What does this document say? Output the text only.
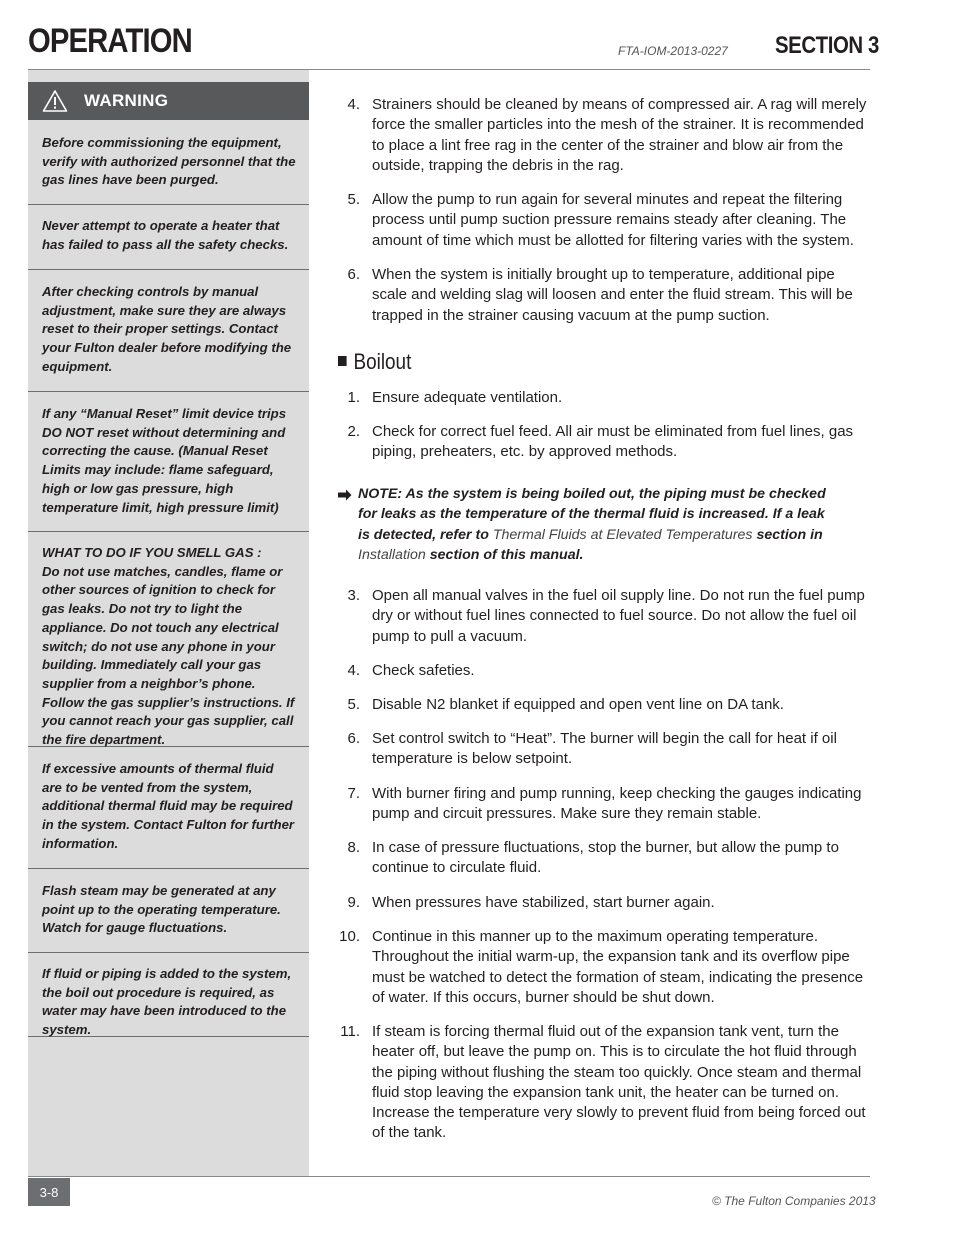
OPERATION	FTA-IOM-2013-0227 SECTION 3
WARNING

Before commissioning the equipment, verify with authorized personnel that the gas lines have been purged.

Never attempt to operate a heater that has failed to pass all the safety checks.

After checking controls by manual adjustment, make sure they are always reset to their proper settings. Contact your Fulton dealer before modifying the equipment.

If any “Manual Reset” limit device trips DO NOT reset without determining and correcting the cause. (Manual Reset Limits may include: flame safeguard, high or low gas pressure, high temperature limit, high pressure limit)

WHAT TO DO IF YOU SMELL GAS :
Do not use matches, candles, flame or other sources of ignition to check for gas leaks. Do not try to light the appliance. Do not touch any electrical switch; do not use any phone in your building. Immediately call your gas supplier from a neighbor’s phone. Follow the gas supplier’s instructions. If you cannot reach your gas supplier, call the fire department.

If excessive amounts of thermal fluid are to be vented from the system, additional thermal fluid may be required in the system. Contact Fulton for further information.

Flash steam may be generated at any point up to the operating temperature. Watch for gauge fluctuations.

If fluid or piping is added to the system, the boil out procedure is required, as water may have been introduced to the system.

4. Strainers should be cleaned by means of compressed air. A rag will merely force the smaller particles into the mesh of the strainer. It is recommended to place a lint free rag in the center of the strainer and blow air from the outside, trapping the debris in the rag.
5. Allow the pump to run again for several minutes and repeat the filtering process until pump suction pressure remains steady after cleaning. The amount of time which must be allotted for filtering varies with the system.
6. When the system is initially brought up to temperature, additional pipe scale and welding slag will loosen and enter the fluid stream. This will be trapped in the strainer causing vacuum at the pump suction.
Boilout
1. Ensure adequate ventilation.
2. Check for correct fuel feed. All air must be eliminated from fuel lines, gas piping, preheaters, etc. by approved methods.
NOTE: As the system is being boiled out, the piping must be checked for leaks as the temperature of the thermal fluid is increased. If a leak is detected, refer to Thermal Fluids at Elevated Temperatures section in Installation section of this manual.
3. Open all manual valves in the fuel oil supply line. Do not run the fuel pump dry or without fuel lines connected to fuel source. Do not allow the fuel oil pump to pull a vacuum.
4. Check safeties.
5. Disable N2 blanket if equipped and open vent line on DA tank.
6. Set control switch to “Heat”. The burner will begin the call for heat if oil temperature is below setpoint.
7. With burner firing and pump running, keep checking the gauges indicating pump and circuit pressures. Make sure they remain stable.
8. In case of pressure fluctuations, stop the burner, but allow the pump to continue to circulate fluid.
9. When pressures have stabilized, start burner again.
10. Continue in this manner up to the maximum operating temperature. Throughout the initial warm-up, the expansion tank and its overflow pipe must be watched to detect the formation of steam, indicating the presence of water. If this occurs, burner should be shut down.
11. If steam is forcing thermal fluid out of the expansion tank vent, turn the heater off, but leave the pump on. This is to circulate the hot fluid through the piping without flushing the steam too quickly. Once steam and thermal fluid stop leaving the expansion tank unit, the heater can be turned on. Increase the temperature very slowly to prevent fluid from being forced out of the tank.
3-8
© The Fulton Companies 2013
